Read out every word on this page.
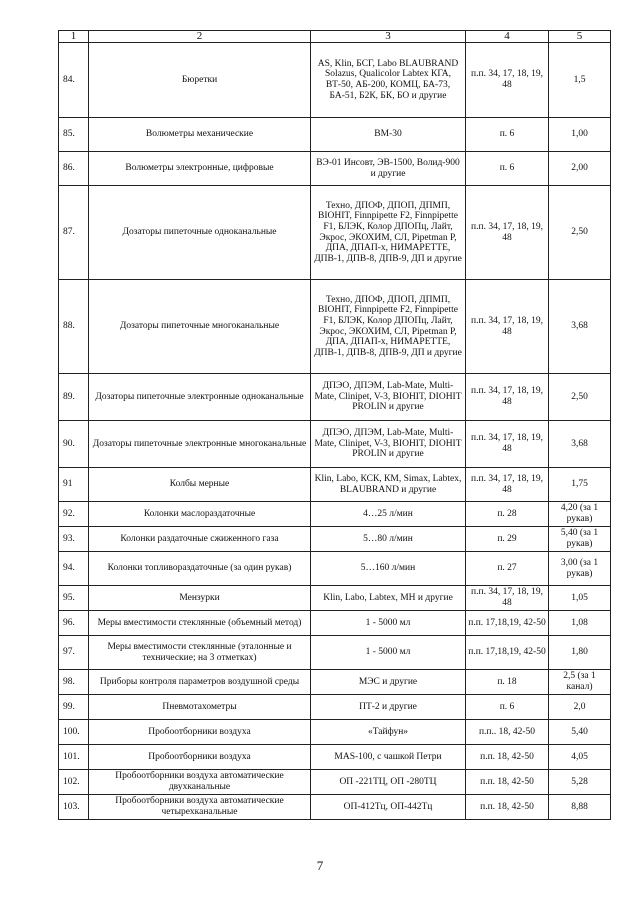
1	2	3	4	5
84.	Бюретки	AS, Klin, БСГ, Labo BLAUBRAND Solazus, Qualicolor Labtex КГА, ВТ-50, АБ-200, КОМЦ, БА-73, БА-51, Б2К, БК, БО и другие	п.п. 34, 17, 18, 19, 48	1,5
85.	Волюметры механические	ВМ-30	п. 6	1,00
86.	Волюметры электронные, цифровые	ВЭ-01 Инсовт, ЭВ-1500, Волид-900 и другие	п. 6	2,00
87.	Дозаторы пипеточные одноканальные	Техно, ДПОФ, ДПОП, ДПМП, BIOHIT, Finnpipette F2, Finnpipette F1, БЛЭК, Колор ДПОПц, Лайт, Экрос, ЭКОХИМ, СЛ, Pipetman P, ДПА, ДПАП-х, НИМАРЕТТЕ, ДПВ-1, ДПВ-8, ДПВ-9, ДП и другие	п.п. 34, 17, 18, 19, 48	2,50
88.	Дозаторы пипеточные многоканальные	Техно, ДПОФ, ДПОП, ДПМП, BIOHIT, Finnpipette F2, Finnpipette F1, БЛЭК, Колор ДПОПц, Лайт, Экрос, ЭКОХИМ, СЛ, Pipetman P, ДПА, ДПАП-х, НИМАРЕТТЕ, ДПВ-1, ДПВ-8, ДПВ-9, ДП и другие	п.п. 34, 17, 18, 19, 48	3,68
89.	Дозаторы пипеточные электронные одноканальные	ДПЭО, ДПЭМ, Lab-Mate, Multi-Mate, Clinipet, V-3, BIOHIT, DIOHIT PROLIN и другие	п.п. 34, 17, 18, 19, 48	2,50
90.	Дозаторы пипеточные электронные многоканальные	ДПЭО, ДПЭМ, Lab-Mate, Multi-Mate, Clinipet, V-3, BIOHIT, DIOHIT PROLIN и другие	п.п. 34, 17, 18, 19, 48	3,68
91	Колбы мерные	Klin, Labo, КСК, КМ, Simax, Labtex, BLAUBRAND и другие	п.п. 34, 17, 18, 19, 48	1,75
92.	Колонки маслораздаточные	4…25 л/мин	п. 28	4,20 (за 1 рукав)
93.	Колонки раздаточные сжиженного газа	5…80 л/мин	п. 29	5,40 (за 1 рукав)
94.	Колонки топливораздаточные (за один рукав)	5…160 л/мин	п. 27	3,00 (за 1 рукав)
95.	Мензурки	Klin, Labo, Labtex, МН и другие	п.п. 34, 17, 18, 19, 48	1,05
96.	Меры вместимости стеклянные (объемный метод)	1 - 5000 мл	п.п. 17,18,19, 42-50	1,08
97.	Меры вместимости стеклянные (эталонные и технические; на 3 отметках)	1 - 5000 мл	п.п. 17,18,19, 42-50	1,80
98.	Приборы контроля параметров воздушной среды	МЭС и другие	п. 18	2,5 (за 1 канал)
99.	Пневмотахометры	ПТ-2 и другие	п. 6	2,0
100.	Пробоотборники воздуха	«Тайфун»	п.п.. 18, 42-50	5,40
101.	Пробоотборники воздуха	MAS-100, с чашкой Петри	п.п. 18, 42-50	4,05
102.	Пробоотборники воздуха автоматические двухканальные	ОП -221ТЦ, ОП -280ТЦ	п.п. 18, 42-50	5,28
103.	Пробоотборники воздуха автоматические четырехканальные	ОП-412Тц, ОП-442Тц	п.п. 18, 42-50	8,88
7
